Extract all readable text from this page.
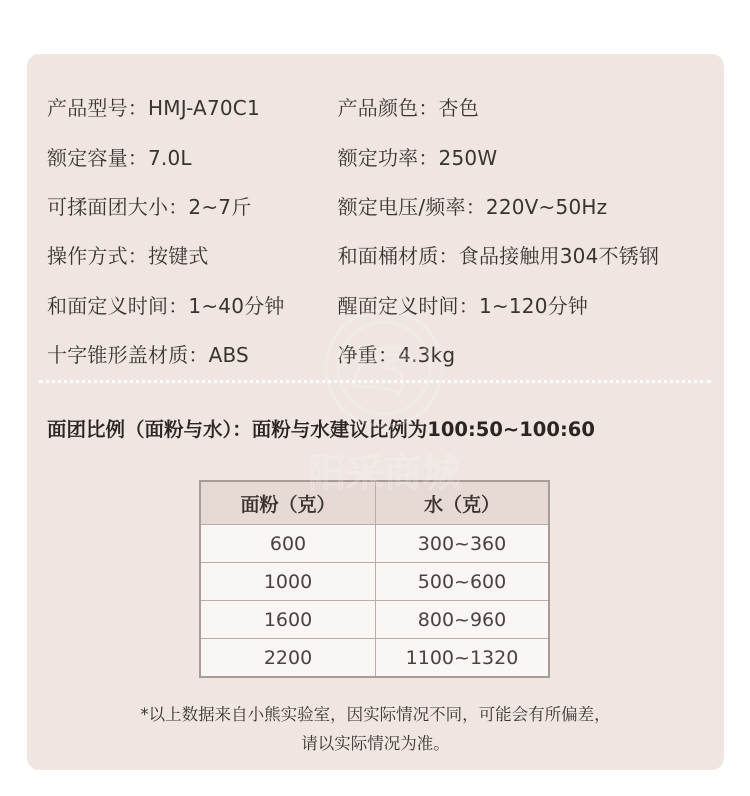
产品型号：HMJ-A70C1	产品颜色：杏色
额定容量：7.0L	额定功率：250W
可揉面团大小：2~7斤	额定电压/频率：220V~50Hz
操作方式：按键式	和面桶材质：食品接触用304不锈钢
和面定义时间：1~40分钟	醒面定义时间：1~120分钟
十字锥形盖材质：ABS	净重：4.3kg
面团比例（面粉与水）：面粉与水建议比例为100:50~100:60
面粉（克）	水（克）
600	300~360
1000	500~600
1600	800~960
2200	1100~1320
*以上数据来自小熊实验室，因实际情况不同，可能会有所偏差，
请以实际情况为准。
阳采商城
